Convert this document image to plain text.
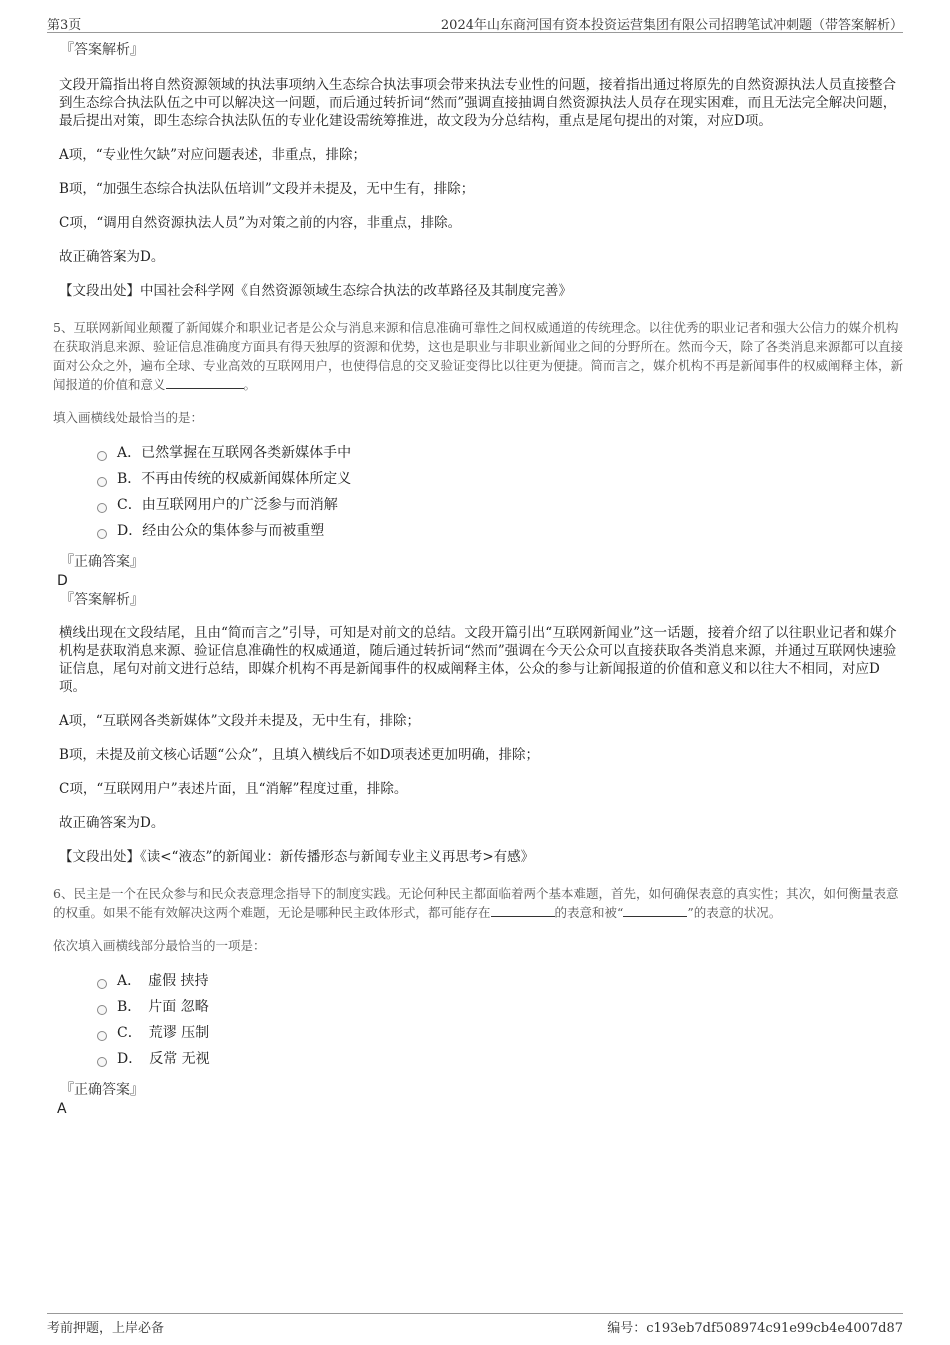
第3页	2024年山东商河国有资本投资运营集团有限公司招聘笔试冲刺题（带答案解析）

『答案解析』

文段开篇指出将自然资源领域的执法事项纳入生态综合执法事项会带来执法专业性的问题，接着指出通过将原先的自然资源执法人员直接整合到生态综合执法队伍之中可以解决这一问题，而后通过转折词“然而”强调直接抽调自然资源执法人员存在现实困难，而且无法完全解决问题，最后提出对策，即生态综合执法队伍的专业化建设需统筹推进，故文段为分总结构，重点是尾句提出的对策，对应D项。

A项，“专业性欠缺”对应问题表述，非重点，排除；

B项，“加强生态综合执法队伍培训”文段并未提及，无中生有，排除；

C项，“调用自然资源执法人员”为对策之前的内容，非重点，排除。

故正确答案为D。

【文段出处】中国社会科学网《自然资源领域生态综合执法的改革路径及其制度完善》

5、互联网新闻业颠覆了新闻媒介和职业记者是公众与消息来源和信息准确可靠性之间权威通道的传统理念。以往优秀的职业记者和强大公信力的媒介机构在获取消息来源、验证信息准确度方面具有得天独厚的资源和优势，这也是职业与非职业新闻业之间的分野所在。然而今天，除了各类消息来源都可以直接面对公众之外，遍布全球、专业高效的互联网用户，也使得信息的交叉验证变得比以往更为便捷。简而言之，媒介机构不再是新闻事件的权威阐释主体，新闻报道的价值和意义	。

填入画横线处最恰当的是：

A．已然掌握在互联网各类新媒体手中
B．不再由传统的权威新闻媒体所定义
C．由互联网用户的广泛参与而消解
D．经由公众的集体参与而被重塑

『正确答案』

D

『答案解析』

横线出现在文段结尾，且由“简而言之”引导，可知是对前文的总结。文段开篇引出“互联网新闻业”这一话题，接着介绍了以往职业记者和媒介机构是获取消息来源、验证信息准确性的权威通道，随后通过转折词“然而”强调在今天公众可以直接获取各类消息来源，并通过互联网快速验证信息，尾句对前文进行总结，即媒介机构不再是新闻事件的权威阐释主体，公众的参与让新闻报道的价值和意义和以往大不相同，对应D项。

A项，“互联网各类新媒体”文段并未提及，无中生有，排除；

B项，未提及前文核心话题“公众”，且填入横线后不如D项表述更加明确，排除；

C项，“互联网用户”表述片面，且“消解”程度过重，排除。

故正确答案为D。

【文段出处】《读<“液态”的新闻业：新传播形态与新闻专业主义再思考>有感》

6、民主是一个在民众参与和民众表意理念指导下的制度实践。无论何种民主都面临着两个基本难题，首先，如何确保表意的真实性；其次，如何衡量表意的权重。如果不能有效解决这两个难题，无论是哪种民主政体形式，都可能存在	的表意和被“	”的表意的状况。

依次填入画横线部分最恰当的一项是：

A．　虚假 挟持
B．　片面 忽略
C．　荒谬 压制
D．　反常 无视

『正确答案』

A

考前押题，上岸必备	编号：c193eb7df508974c91e99cb4e4007d87
